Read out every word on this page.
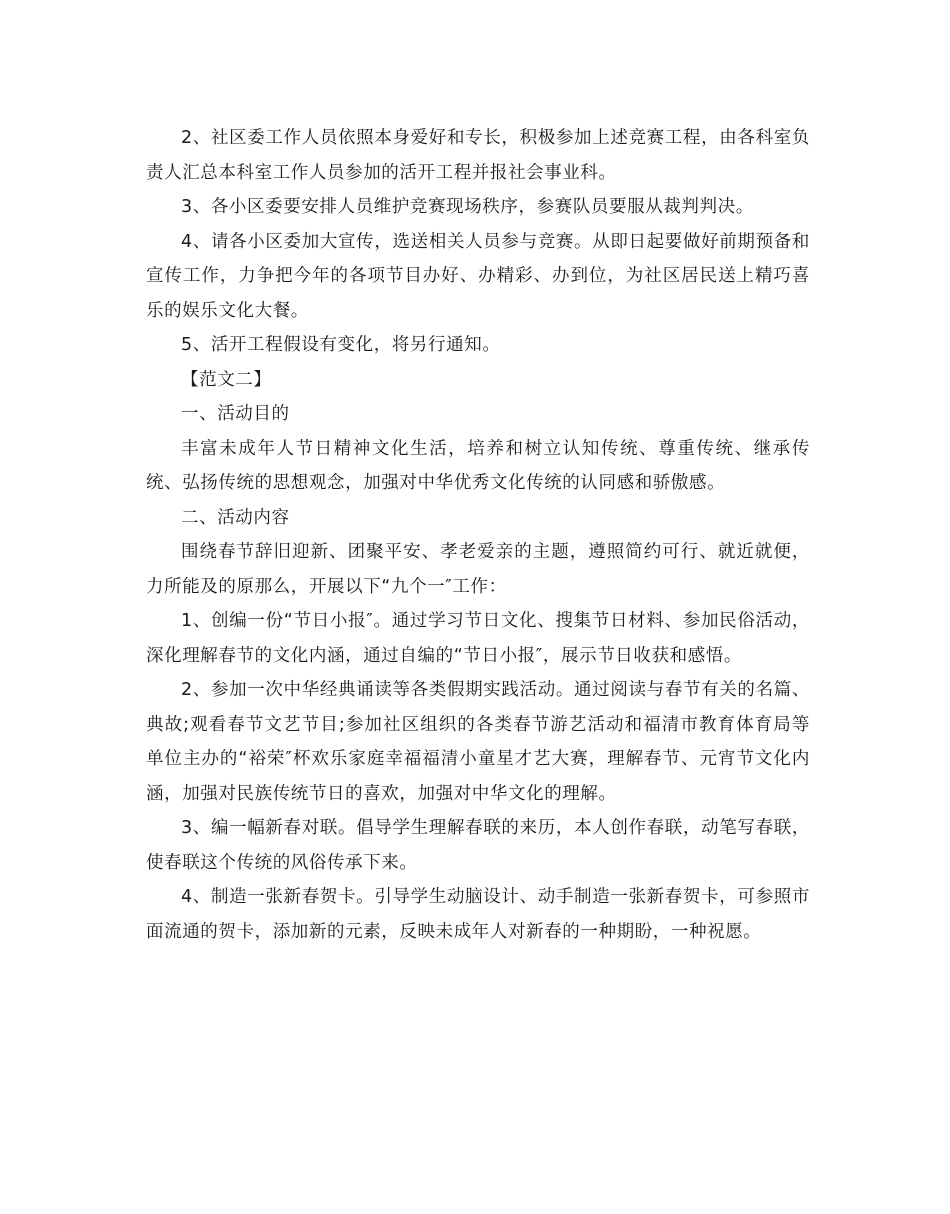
2、社区委工作人员依照本身爱好和专长，积极参加上述竞赛工程，由各科室负责人汇总本科室工作人员参加的活开工程并报社会事业科。

3、各小区委要安排人员维护竞赛现场秩序，参赛队员要服从裁判判决。

4、请各小区委加大宣传，选送相关人员参与竞赛。从即日起要做好前期预备和宣传工作，力争把今年的各项节目办好、办精彩、办到位，为社区居民送上精巧喜乐的娱乐文化大餐。

5、活开工程假设有变化，将另行通知。

【范文二】

一、活动目的

丰富未成年人节日精神文化生活，培养和树立认知传统、尊重传统、继承传统、弘扬传统的思想观念，加强对中华优秀文化传统的认同感和骄傲感。

二、活动内容

围绕春节辞旧迎新、团聚平安、孝老爱亲的主题，遵照简约可行、就近就便，力所能及的原那么，开展以下“九个一″工作：

1、创编一份“节日小报″。通过学习节日文化、搜集节日材料、参加民俗活动，深化理解春节的文化内涵，通过自编的“节日小报″，展示节日收获和感悟。

2、参加一次中华经典诵读等各类假期实践活动。通过阅读与春节有关的名篇、典故;观看春节文艺节目;参加社区组织的各类春节游艺活动和福清市教育体育局等单位主办的“裕荣″杯欢乐家庭幸福福清小童星才艺大赛，理解春节、元宵节文化内涵，加强对民族传统节日的喜欢，加强对中华文化的理解。

3、编一幅新春对联。倡导学生理解春联的来历，本人创作春联，动笔写春联，使春联这个传统的风俗传承下来。

4、制造一张新春贺卡。引导学生动脑设计、动手制造一张新春贺卡，可参照市面流通的贺卡，添加新的元素，反映未成年人对新春的一种期盼，一种祝愿。
